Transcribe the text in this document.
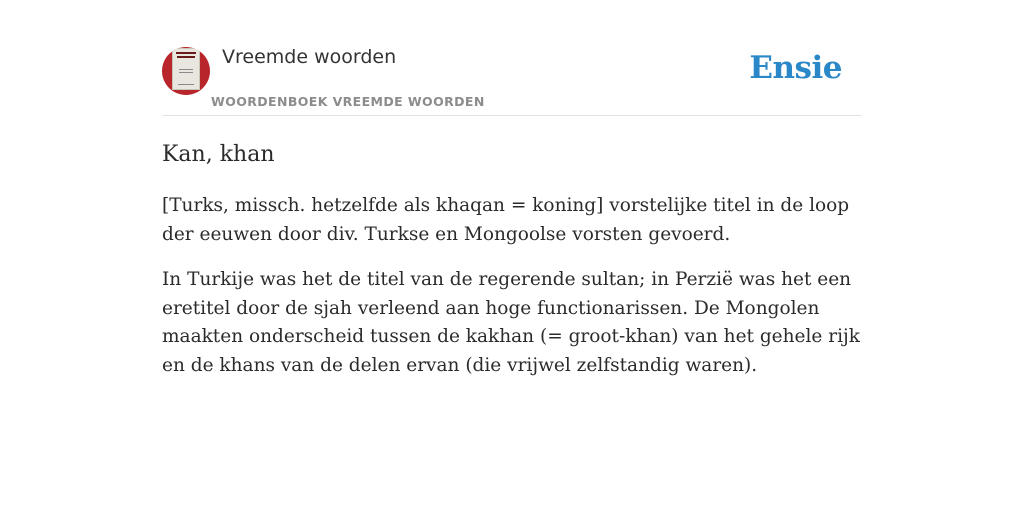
Vreemde woorden
WOORDENBOEK VREEMDE WOORDEN
Ensie
Kan, khan

[Turks, missch. hetzelfde als khaqan = koning] vorstelijke titel in de loop der eeuwen door div. Turkse en Mongoolse vorsten gevoerd.

In Turkije was het de titel van de regerende sultan; in Perzië was het een eretitel door de sjah verleend aan hoge functionarissen. De Mongolen maakten onderscheid tussen de kakhan (= groot-khan) van het gehele rijk en de khans van de delen ervan (die vrijwel zelfstandig waren).
